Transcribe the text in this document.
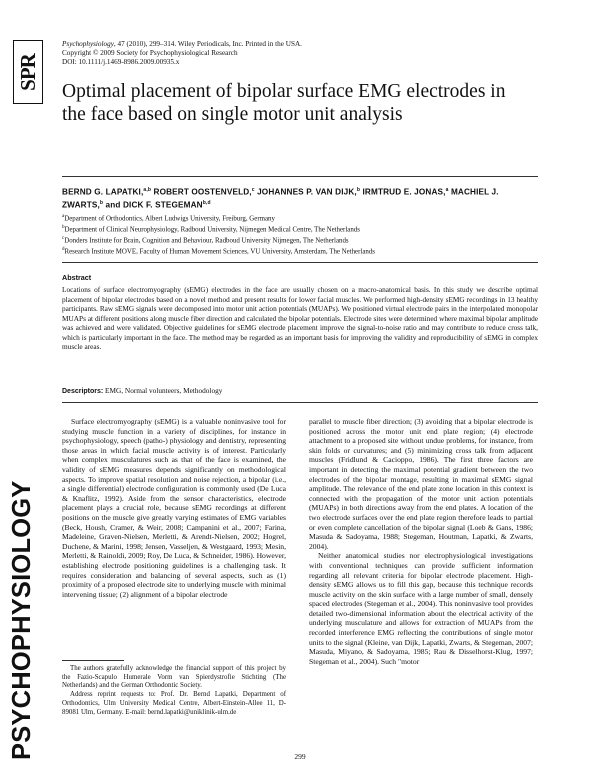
SPR
PSYCHOPHYSIOLOGY
Psychophysiology, 47 (2010), 299–314. Wiley Periodicals, Inc. Printed in the USA.
Copyright © 2009 Society for Psychophysiological Research
DOI: 10.1111/j.1469-8986.2009.00935.x
Optimal placement of bipolar surface EMG electrodes in the face based on single motor unit analysis
BERND G. LAPATKI,$^{a,b}$ ROBERT OOSTENVELD,$^c$ JOHANNES P. VAN DIJK,$^b$ IRMTRUD E. JONAS,$^a$ MACHIEL J. ZWARTS,$^b$ and DICK F. STEGEMAN$^{b,d}$
$^a$Department of Orthodontics, Albert Ludwigs University, Freiburg, Germany
$^b$Department of Clinical Neurophysiology, Radboud University, Nijmegen Medical Centre, The Netherlands
$^c$Donders Institute for Brain, Cognition and Behaviour, Radboud University Nijmegen, The Netherlands
$^d$Research Institute MOVE, Faculty of Human Movement Sciences, VU University, Amsterdam, The Netherlands
Abstract

Locations of surface electromyography (sEMG) electrodes in the face are usually chosen on a macro-anatomical basis. In this study we describe optimal placement of bipolar electrodes based on a novel method and present results for lower facial muscles. We performed high-density sEMG recordings in 13 healthy participants. Raw sEMG signals were decomposed into motor unit action potentials (MUAPs). We positioned virtual electrode pairs in the interpolated monopolar MUAPs at different positions along muscle fiber direction and calculated the bipolar potentials. Electrode sites were determined where maximal bipolar amplitude was achieved and were validated. Objective guidelines for sEMG electrode placement improve the signal-to-noise ratio and may contribute to reduce cross talk, which is particularly important in the face. The method may be regarded as an important basis for improving the validity and reproducibility of sEMG in complex muscle areas.

Descriptors: EMG, Normal volunteers, Methodology

Surface electromyography (sEMG) is a valuable noninvasive tool for studying muscle function in a variety of disciplines, for instance in psychophysiology, speech (patho-) physiology and dentistry, representing those areas in which facial muscle activity is of interest. Particularly when complex musculatures such as that of the face is examined, the validity of sEMG measures depends significantly on methodological aspects. To improve spatial resolution and noise rejection, a bipolar (i.e., a single differential) electrode configuration is commonly used (De Luca & Knaflitz, 1992). Aside from the sensor characteristics, electrode placement plays a crucial role, because sEMG recordings at different positions on the muscle give greatly varying estimates of EMG variables (Beck, Housh, Cramer, & Weir, 2008; Campanini et al., 2007; Farina, Madeleine, Graven-Nielsen, Merletti, & Arendt-Nielsen, 2002; Hogrel, Duchene, & Marini, 1998; Jensen, Vasseljen, & Westgaard, 1993; Mesin, Merletti, & Rainoldi, 2009; Roy, De Luca, & Schneider, 1986). However, establishing electrode positioning guidelines is a challenging task. It requires consideration and balancing of several aspects, such as (1) proximity of a proposed electrode site to underlying muscle with minimal intervening tissue; (2) alignment of a bipolar electrode

The authors gratefully acknowledge the financial support of this project by the Fazio-Scapulo Humerale Vorm van Spierdystrofie Stichting (The Netherlands) and the German Orthodontic Society.

Address reprint requests to: Prof. Dr. Bernd Lapatki, Department of Orthodontics, Ulm University Medical Centre, Albert-Einstein-Allee 11, D-89081 Ulm, Germany. E-mail: bernd.lapatki@uniklinik-ulm.de

parallel to muscle fiber direction; (3) avoiding that a bipolar electrode is positioned across the motor unit end plate region; (4) electrode attachment to a proposed site without undue problems, for instance, from skin folds or curvatures; and (5) minimizing cross talk from adjacent muscles (Fridlund & Cacioppo, 1986). The first three factors are important in detecting the maximal potential gradient between the two electrodes of the bipolar montage, resulting in maximal sEMG signal amplitude. The relevance of the end plate zone location in this context is connected with the propagation of the motor unit action potentials (MUAPs) in both directions away from the end plates. A location of the two electrode surfaces over the end plate region therefore leads to partial or even complete cancellation of the bipolar signal (Loeb & Gans, 1986; Masuda & Sadoyama, 1988; Stegeman, Houtman, Lapatki, & Zwarts, 2004).

Neither anatomical studies nor electrophysiological investigations with conventional techniques can provide sufficient information regarding all relevant criteria for bipolar electrode placement. High-density sEMG allows us to fill this gap, because this technique records muscle activity on the skin surface with a large number of small, densely spaced electrodes (Stegeman et al., 2004). This noninvasive tool provides detailed two-dimensional information about the electrical activity of the underlying musculature and allows for extraction of MUAPs from the recorded interference EMG reflecting the contributions of single motor units to the signal (Kleine, van Dijk, Lapatki, Zwarts, & Stegeman, 2007; Masuda, Miyano, & Sadoyama, 1985; Rau & Disselhorst-Klug, 1997; Stegeman et al., 2004). Such "motor

299
